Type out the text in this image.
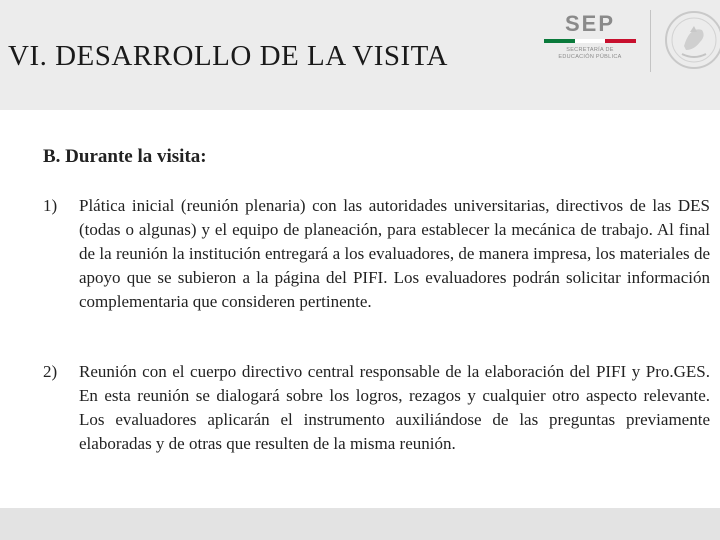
VI. DESARROLLO DE LA VISITA
SEP
SECRETARÍA DE
EDUCACIÓN PÚBLICA
B. Durante la visita:
1) Plática inicial (reunión plenaria) con las autoridades universitarias, directivos de las DES (todas o algunas) y el equipo de planeación, para establecer la mecánica de trabajo. Al final de la reunión la institución entregará a los evaluadores, de manera impresa, los materiales de apoyo que se subieron a la página del PIFI. Los evaluadores podrán solicitar información complementaria que consideren pertinente.
2) Reunión con el cuerpo directivo central responsable de la elaboración del PIFI y Pro.GES. En esta reunión se dialogará sobre los logros, rezagos y cualquier otro aspecto relevante. Los evaluadores aplicarán el instrumento auxiliándose de las preguntas previamente elaboradas y de otras que resulten de la misma reunión.
